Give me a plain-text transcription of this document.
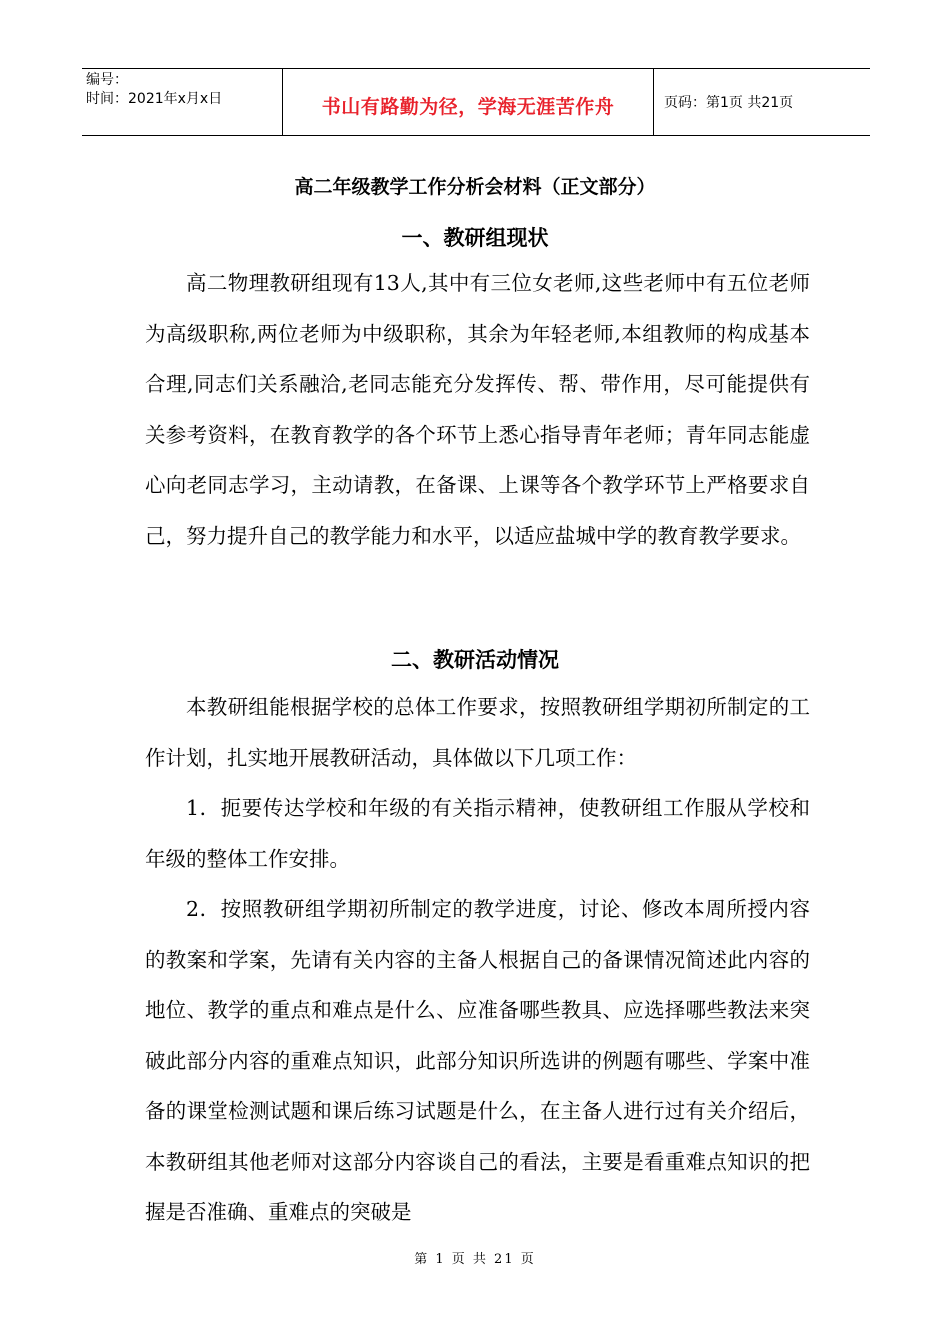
编号：
时间：2021年x月x日	书山有路勤为径，学海无涯苦作舟	页码：第1页 共21页
高二年级教学工作分析会材料（正文部分）
一、教研组现状

高二物理教研组现有13人,其中有三位女老师,这些老师中有五位老师为高级职称,两位老师为中级职称，其余为年轻老师,本组教师的构成基本合理,同志们关系融洽,老同志能充分发挥传、帮、带作用，尽可能提供有关参考资料，在教育教学的各个环节上悉心指导青年老师；青年同志能虚心向老同志学习，主动请教，在备课、上课等各个教学环节上严格要求自己，努力提升自己的教学能力和水平，以适应盐城中学的教育教学要求。

二、教研活动情况

本教研组能根据学校的总体工作要求，按照教研组学期初所制定的工作计划，扎实地开展教研活动，具体做以下几项工作：

1．扼要传达学校和年级的有关指示精神，使教研组工作服从学校和年级的整体工作安排。

2．按照教研组学期初所制定的教学进度，讨论、修改本周所授内容的教案和学案，先请有关内容的主备人根据自己的备课情况简述此内容的地位、教学的重点和难点是什么、应准备哪些教具、应选择哪些教法来突破此部分内容的重难点知识，此部分知识所选讲的例题有哪些、学案中准备的课堂检测试题和课后练习试题是什么，在主备人进行过有关介绍后，本教研组其他老师对这部分内容谈自己的看法，主要是看重难点知识的把握是否准确、重难点的突破是

第 1 页 共 21 页
